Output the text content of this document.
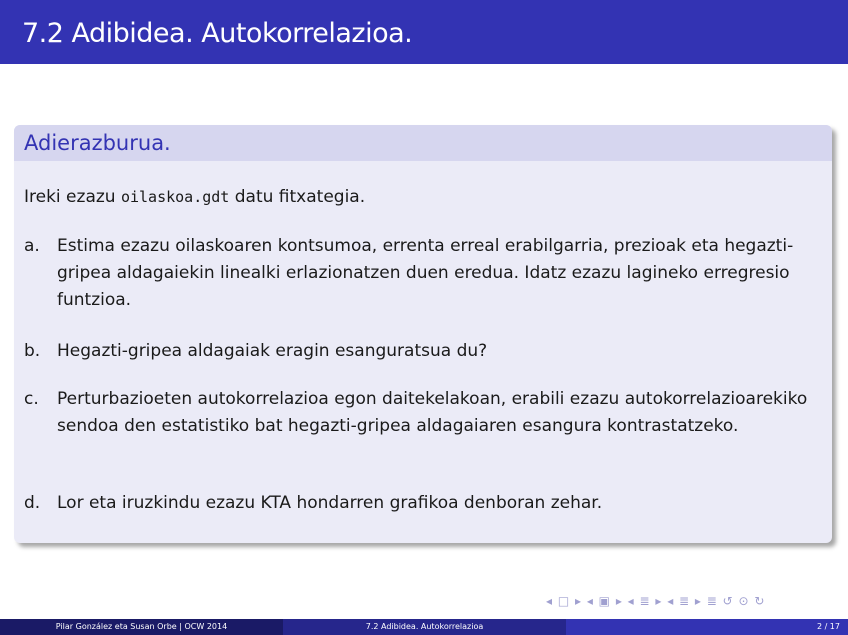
7.2 Adibidea. Autokorrelazioa.
Adierazburua.
Ireki ezazu oilaskoa.gdt datu fitxategia.
a. Estima ezazu oilaskoaren kontsumoa, errenta erreal erabilgarria, prezioak eta hegazti-gripea aldagaiekin linealki erlazionatzen duen eredua. Idatz ezazu lagineko erregresio funtzioa.
b. Hegazti-gripea aldagaiak eragin esanguratsua du?
c. Perturbazioeten autokorrelazioa egon daitekelakoan, erabili ezazu autokorrelazioarekiko sendoa den estatistiko bat hegazti-gripea aldagaiaren esangura kontrastatzeko.
d. Lor eta iruzkindu ezazu KTA hondarren grafikoa denboran zehar.
◂ □ ▸ ◂ ▣ ▸ ◂ ≣ ▸ ◂ ≣ ▸ ≣ ↺ ⊙ ↻
Pilar González eta Susan Orbe | OCW 2014	7.2 Adibidea. Autokorrelazioa	2 / 17
